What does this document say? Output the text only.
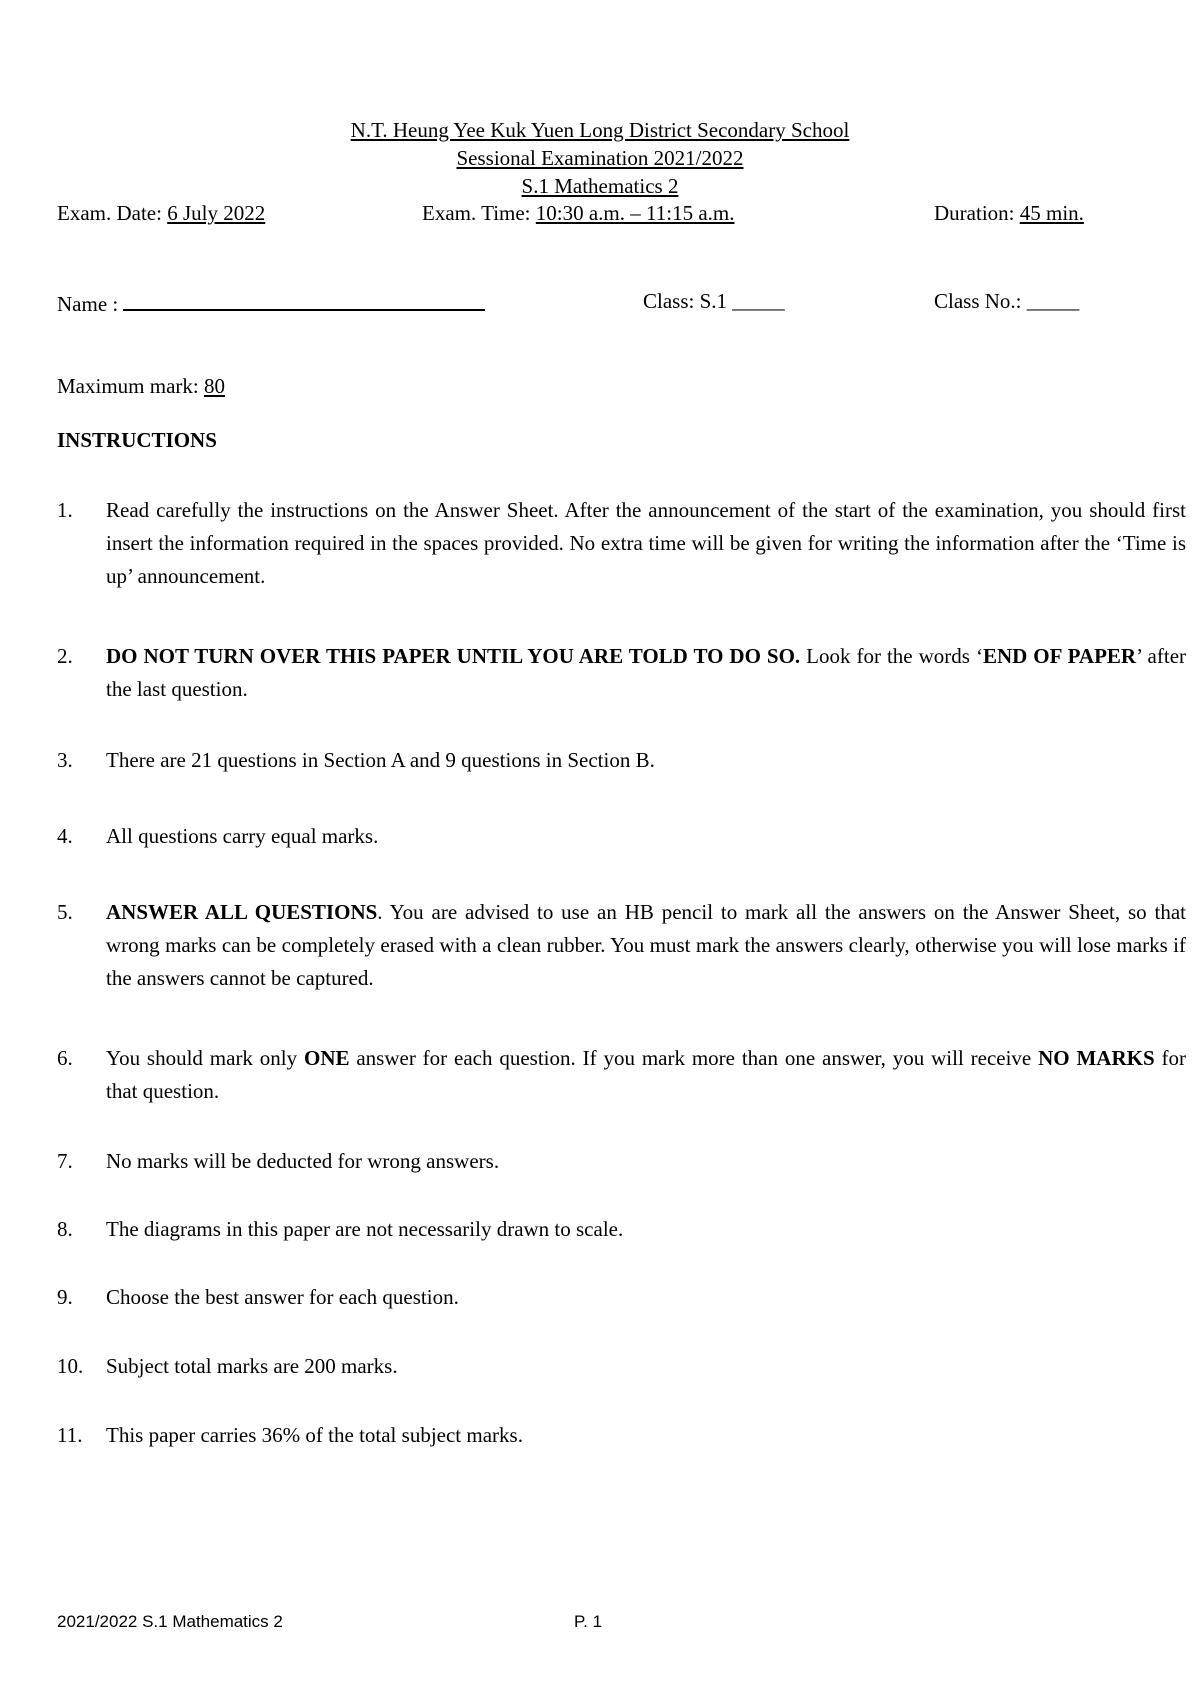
N.T. Heung Yee Kuk Yuen Long District Secondary School
Sessional Examination 2021/2022
S.1 Mathematics 2
Exam. Date: 6 July 2022	Exam. Time: 10:30 a.m. – 11:15 a.m.	Duration: 45 min.
Name :	Class: S.1 _____	Class No.: _____
Maximum mark: 80
INSTRUCTIONS
1.	Read carefully the instructions on the Answer Sheet. After the announcement of the start of the examination, you should first insert the information required in the spaces provided. No extra time will be given for writing the information after the ‘Time is up’ announcement.
2.	DO NOT TURN OVER THIS PAPER UNTIL YOU ARE TOLD TO DO SO. Look for the words ‘END OF PAPER’ after the last question.
3.	There are 21 questions in Section A and 9 questions in Section B.
4.	All questions carry equal marks.
5.	ANSWER ALL QUESTIONS. You are advised to use an HB pencil to mark all the answers on the Answer Sheet, so that wrong marks can be completely erased with a clean rubber. You must mark the answers clearly, otherwise you will lose marks if the answers cannot be captured.
6.	You should mark only ONE answer for each question. If you mark more than one answer, you will receive NO MARKS for that question.
7.	No marks will be deducted for wrong answers.
8.	The diagrams in this paper are not necessarily drawn to scale.
9.	Choose the best answer for each question.
10.	Subject total marks are 200 marks.
11.	This paper carries 36% of the total subject marks.
2021/2022 S.1 Mathematics 2	P. 1
